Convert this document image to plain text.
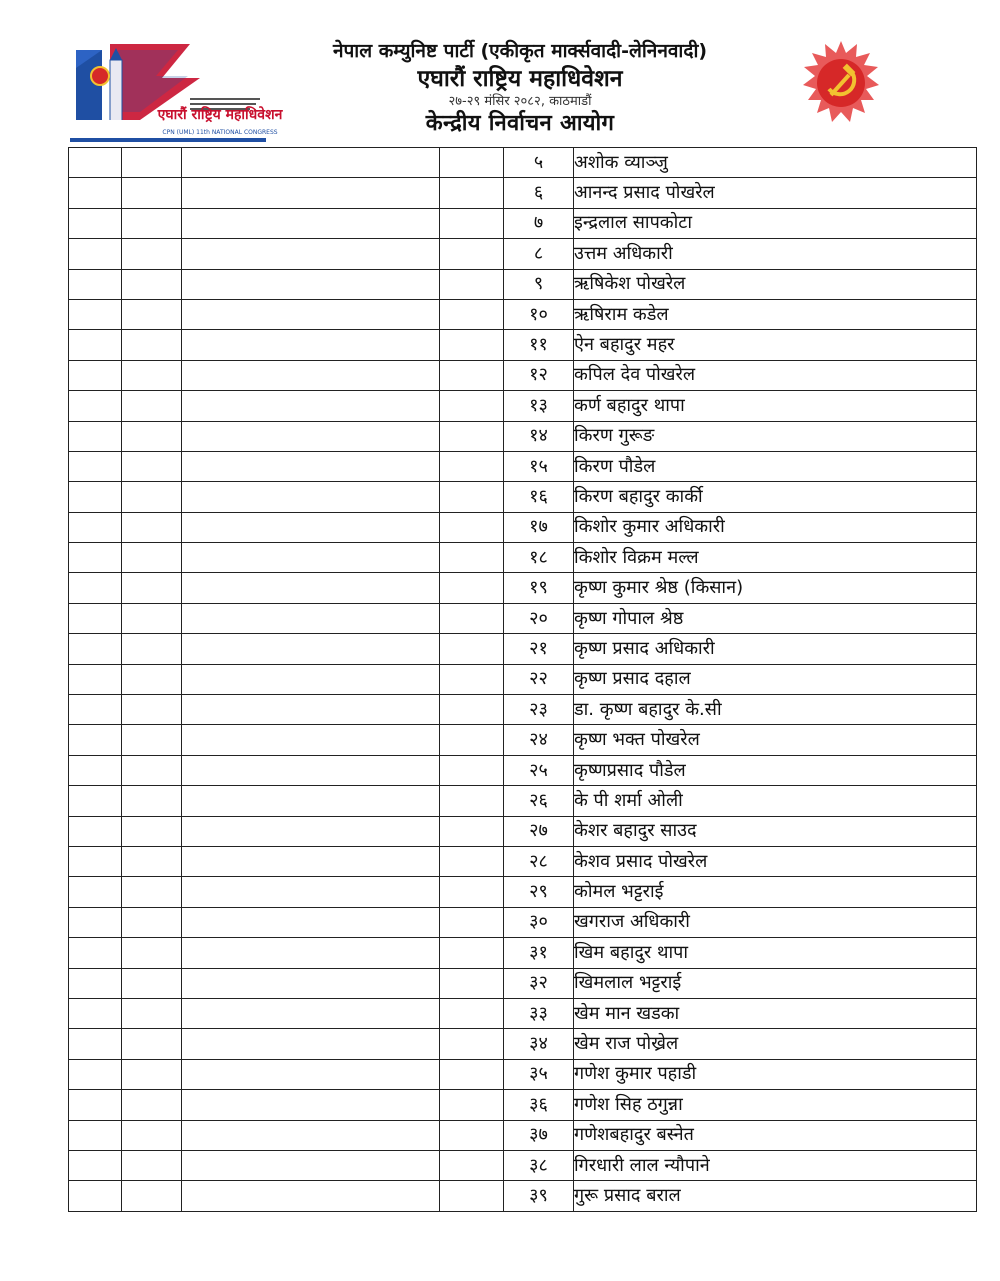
एघारौं राष्ट्रिय महाधिवेशन
CPN (UML) 11th NATIONAL CONGRESS
नेपाल कम्युनिष्ट पार्टी (एकीकृत मार्क्सवादी-लेनिनवादी)
एघारौं राष्ट्रिय महाधिवेशन
२७-२९ मंसिर २०८२, काठमाडौं
केन्द्रीय निर्वाचन आयोग
				५	अशोक व्याञ्जु
				६	आनन्द प्रसाद पोखरेल
				७	इन्द्रलाल सापकोटा
				८	उत्तम अधिकारी
				९	ऋषिकेश पोखरेल
				१०	ऋषिराम कडेल
				११	ऐन बहादुर महर
				१२	कपिल देव पोखरेल
				१३	कर्ण बहादुर थापा
				१४	किरण गुरूङ
				१५	किरण पौडेल
				१६	किरण बहादुर कार्की
				१७	किशोर कुमार अधिकारी
				१८	किशोर विक्रम मल्ल
				१९	कृष्ण कुमार श्रेष्ठ (किसान)
				२०	कृष्ण गोपाल श्रेष्ठ
				२१	कृष्ण प्रसाद अधिकारी
				२२	कृष्ण प्रसाद दहाल
				२३	डा. कृष्ण बहादुर के.सी
				२४	कृष्ण भक्त पोखरेल
				२५	कृष्णप्रसाद पौडेल
				२६	के पी शर्मा ओली
				२७	केशर बहादुर साउद
				२८	केशव प्रसाद पोखरेल
				२९	कोमल भट्टराई
				३०	खगराज अधिकारी
				३१	खिम बहादुर थापा
				३२	खिमलाल भट्टराई
				३३	खेम मान खडका
				३४	खेम राज पोख्रेल
				३५	गणेश कुमार पहाडी
				३६	गणेश सिह ठगुन्ना
				३७	गणेशबहादुर बस्नेत
				३८	गिरधारी लाल न्यौपाने
				३९	गुरू प्रसाद बराल
